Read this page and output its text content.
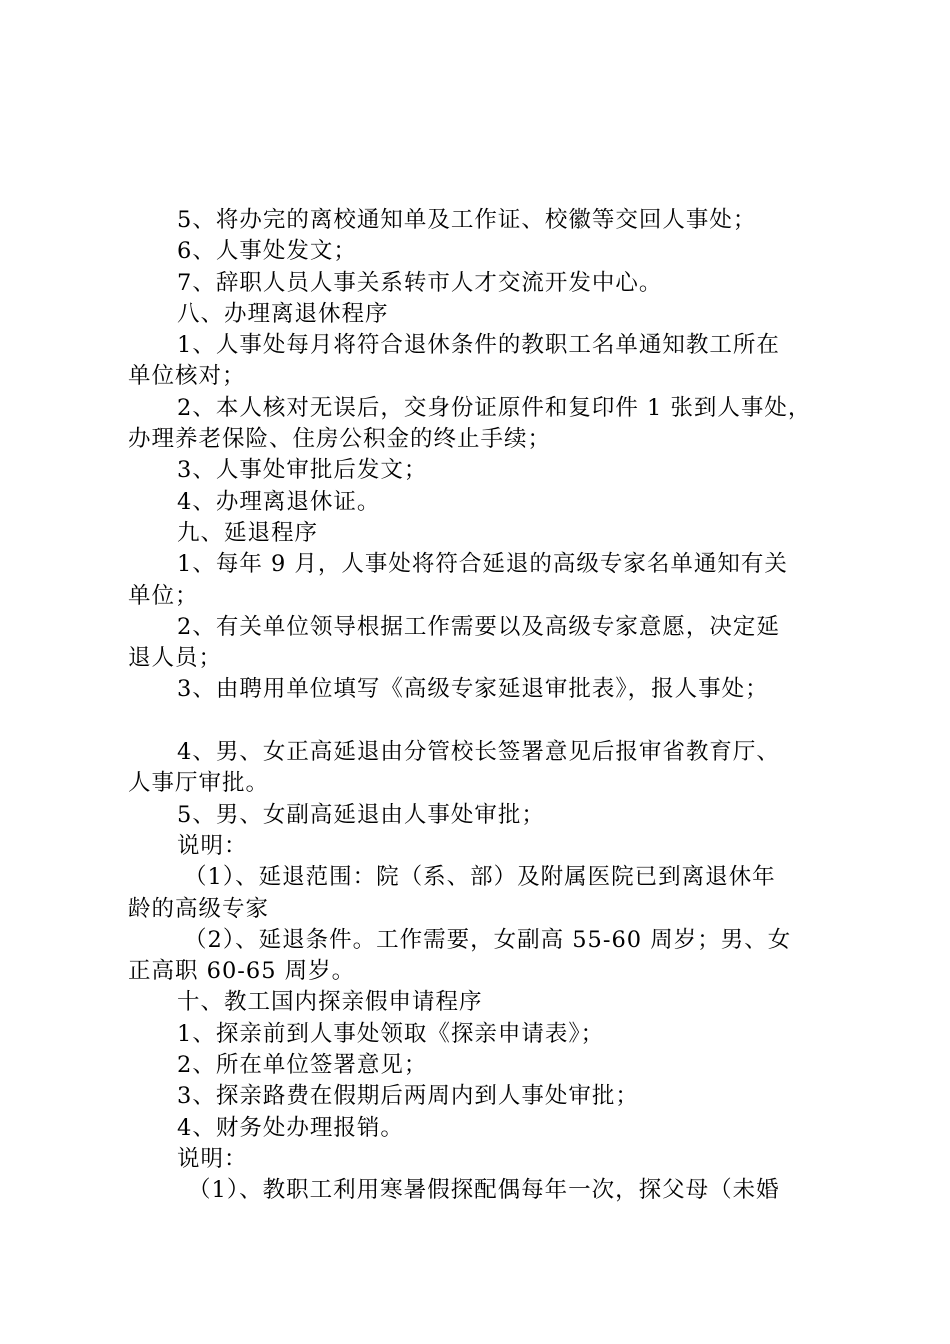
5、将办完的离校通知单及工作证、校徽等交回人事处；
6、人事处发文；
7、辞职人员人事关系转市人才交流开发中心。
八、办理离退休程序
1、人事处每月将符合退休条件的教职工名单通知教工所在
单位核对；
2、本人核对无误后，交身份证原件和复印件 1 张到人事处，
办理养老保险、住房公积金的终止手续；
3、人事处审批后发文；
4、办理离退休证。
九、延退程序
1、每年 9 月，人事处将符合延退的高级专家名单通知有关
单位；
2、有关单位领导根据工作需要以及高级专家意愿，决定延
退人员；
3、由聘用单位填写《高级专家延退审批表》，报人事处；
4、男、女正高延退由分管校长签署意见后报审省教育厅、
人事厅审批。
5、男、女副高延退由人事处审批；
说明：
（1）、延退范围：院（系、部）及附属医院已到离退休年
龄的高级专家
（2）、延退条件。工作需要，女副高 55-60 周岁；男、女
正高职 60-65 周岁。
十、教工国内探亲假申请程序
1、探亲前到人事处领取《探亲申请表》；
2、所在单位签署意见；
3、探亲路费在假期后两周内到人事处审批；
4、财务处办理报销。
说明：
（1）、教职工利用寒暑假探配偶每年一次，探父母（未婚
